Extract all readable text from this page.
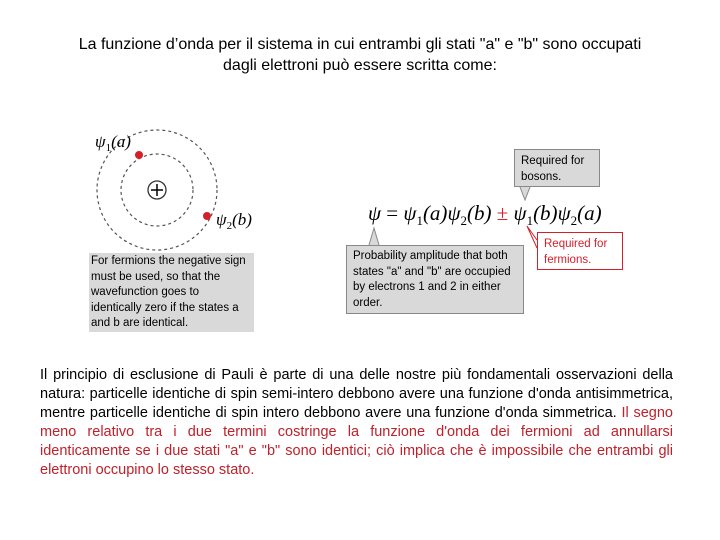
La funzione d’onda per il sistema in cui entrambi gli stati "a" e "b" sono occupati dagli elettroni può essere scritta come:
$\psi_1(a)$
$\psi_2(b)$	$\psi = \psi_1(a)\psi_2(b) \pm \psi_1(b)\psi_2(a)$
For fermions the negative sign must be used, so that the wavefunction goes to identically zero if the states a and b are identical.
Required for bosons.
Required for fermions.
Probability amplitude that both states "a" and "b" are occupied by electrons 1 and 2 in either order.
Il principio di esclusione di Pauli è parte di una delle nostre più fondamentali osservazioni della natura: particelle identiche di spin semi-intero debbono avere una funzione d'onda antisimmetrica, mentre particelle identiche di spin intero debbono avere una funzione d'onda simmetrica. Il segno meno relativo tra i due termini costringe la funzione d'onda dei fermioni ad annullarsi identicamente se i due stati "a" e "b" sono identici; ciò implica che è impossibile che entrambi gli elettroni occupino lo stesso stato.
